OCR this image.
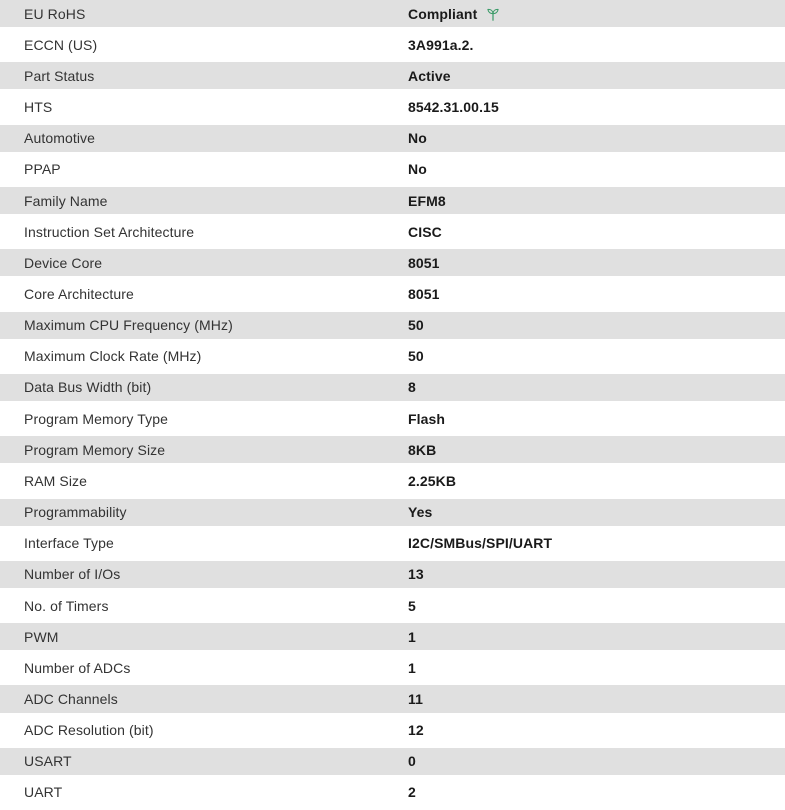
EU RoHS	Compliant
ECCN (US)	3A991a.2.
Part Status	Active
HTS	8542.31.00.15
Automotive	No
PPAP	No
Family Name	EFM8
Instruction Set Architecture	CISC
Device Core	8051
Core Architecture	8051
Maximum CPU Frequency (MHz)	50
Maximum Clock Rate (MHz)	50
Data Bus Width (bit)	8
Program Memory Type	Flash
Program Memory Size	8KB
RAM Size	2.25KB
Programmability	Yes
Interface Type	I2C/SMBus/SPI/UART
Number of I/Os	13
No. of Timers	5
PWM	1
Number of ADCs	1
ADC Channels	11
ADC Resolution (bit)	12
USART	0
UART	2
